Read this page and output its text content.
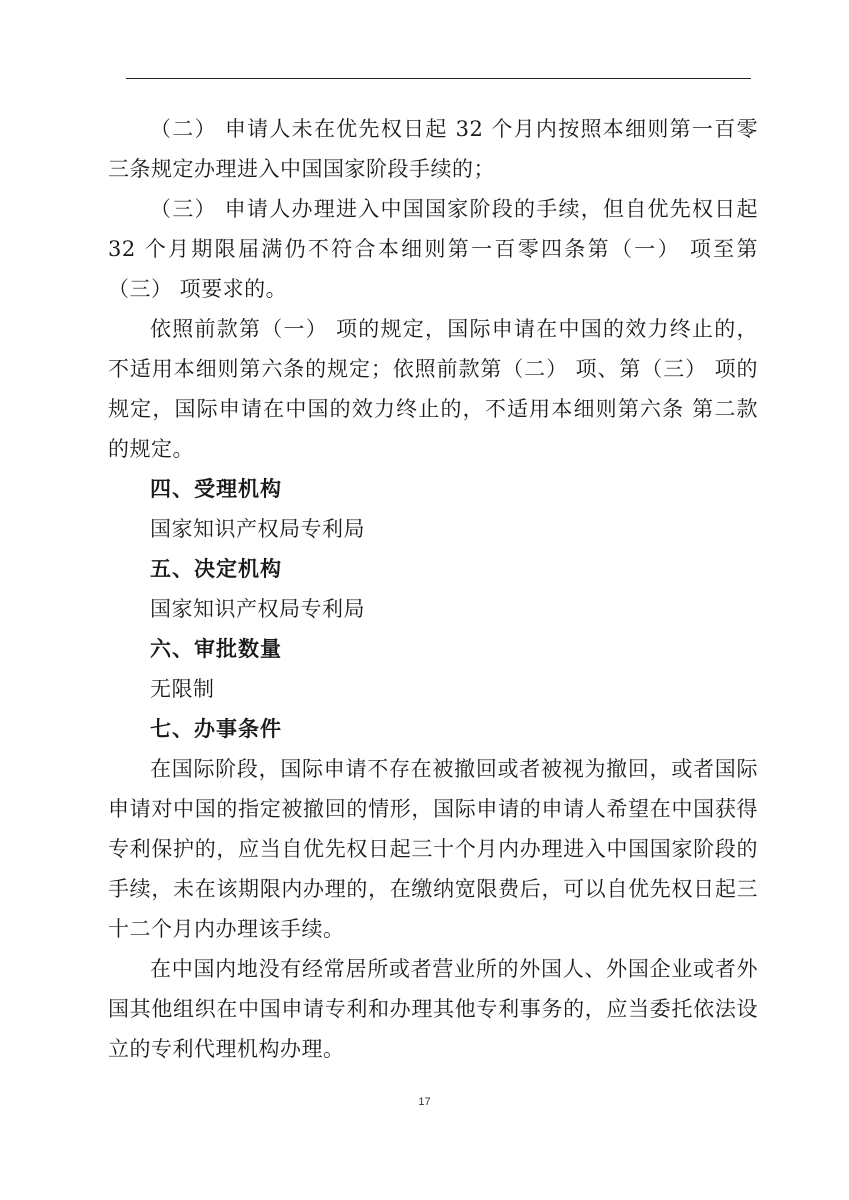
（二） 申请人未在优先权日起 32 个月内按照本细则第一百零三条规定办理进入中国国家阶段手续的；

（三） 申请人办理进入中国国家阶段的手续，但自优先权日起 32 个月期限届满仍不符合本细则第一百零四条第（一） 项至第（三） 项要求的。

依照前款第（一） 项的规定，国际申请在中国的效力终止的，不适用本细则第六条的规定；依照前款第（二） 项、第（三） 项的规定，国际申请在中国的效力终止的，不适用本细则第六条 第二款的规定。

四、受理机构

国家知识产权局专利局

五、决定机构

国家知识产权局专利局

六、审批数量

无限制

七、办事条件

在国际阶段，国际申请不存在被撤回或者被视为撤回，或者国际申请对中国的指定被撤回的情形，国际申请的申请人希望在中国获得专利保护的，应当自优先权日起三十个月内办理进入中国国家阶段的手续，未在该期限内办理的，在缴纳宽限费后，可以自优先权日起三十二个月内办理该手续。

在中国内地没有经常居所或者营业所的外国人、外国企业或者外国其他组织在中国申请专利和办理其他专利事务的，应当委托依法设立的专利代理机构办理。

17
